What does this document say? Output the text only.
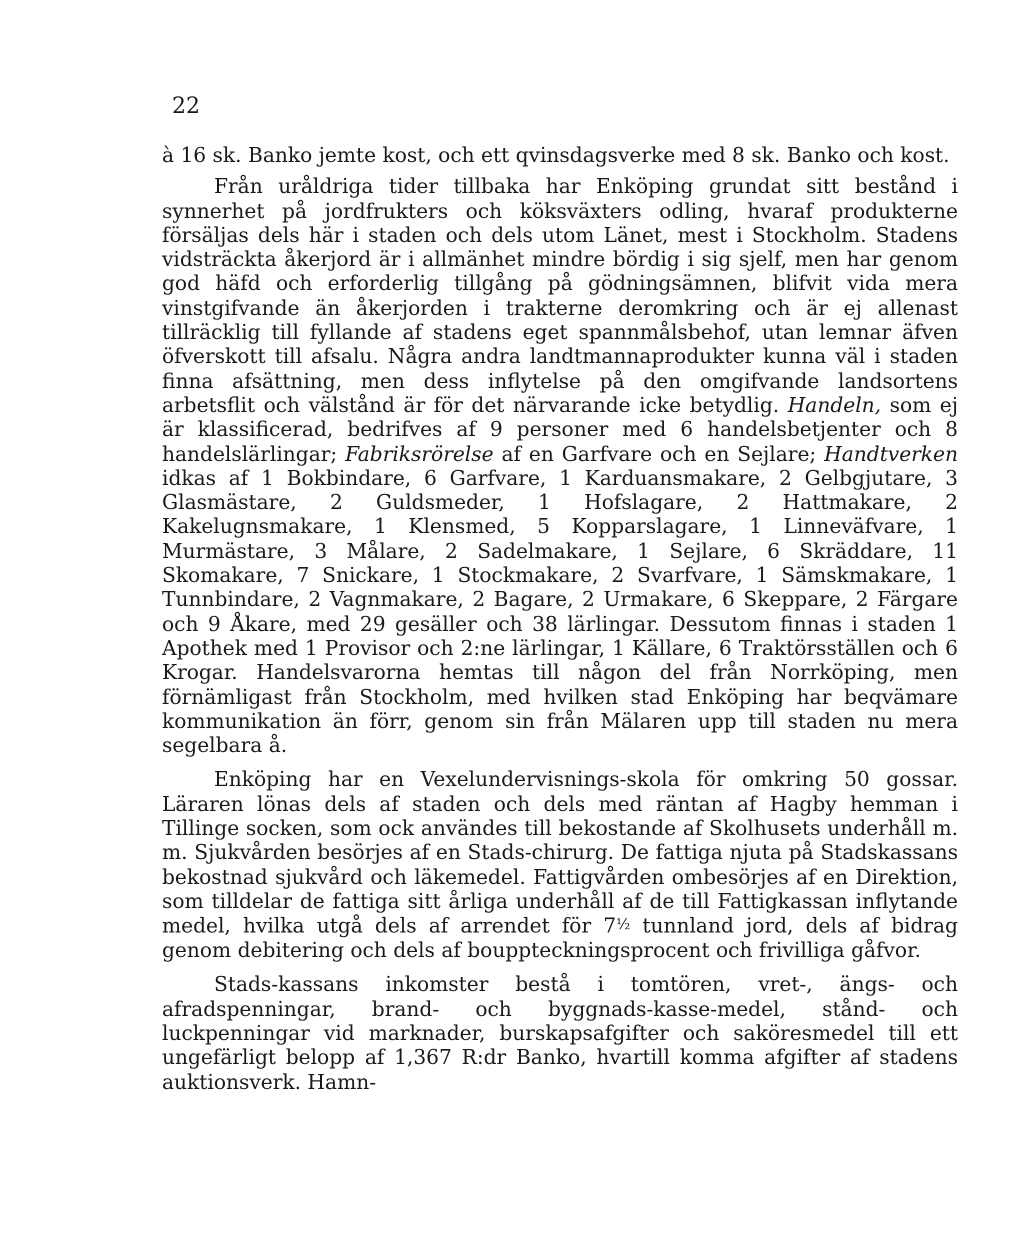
22

à 16 sk. Banko jemte kost, och ett qvinsdagsverke med 8 sk. Banko och kost.

Från uråldriga tider tillbaka har Enköping grundat sitt bestånd i synnerhet på jordfrukters och köksväxters odling, hvaraf produkterne försäljas dels här i staden och dels utom Länet, mest i Stockholm. Stadens vidsträckta åkerjord är i allmänhet mindre bördig i sig sjelf, men har genom god häfd och erforderlig tillgång på gödningsämnen, blifvit vida mera vinstgifvande än åkerjorden i trakterne deromkring och är ej allenast tillräcklig till fyllande af stadens eget spannmålsbehof, utan lemnar äfven öfverskott till afsalu. Några andra landtmannaprodukter kunna väl i staden finna afsättning, men dess inflytelse på den omgifvande landsortens arbetsflit och välstånd är för det närvarande icke betydlig. Handeln, som ej är klassificerad, bedrifves af 9 personer med 6 handelsbetjenter och 8 handelslärlingar; Fabriksrörelse af en Garfvare och en Sejlare; Handtverken idkas af 1 Bokbindare, 6 Garfvare, 1 Karduansmakare, 2 Gelbgjutare, 3 Glasmästare, 2 Guldsmeder, 1 Hofslagare, 2 Hattmakare, 2 Kakelugnsmakare, 1 Klensmed, 5 Kopparslagare, 1 Linneväfvare, 1 Murmästare, 3 Målare, 2 Sadelmakare, 1 Sejlare, 6 Skräddare, 11 Skomakare, 7 Snickare, 1 Stockmakare, 2 Svarfvare, 1 Sämskmakare, 1 Tunnbindare, 2 Vagnmakare, 2 Bagare, 2 Urmakare, 6 Skeppare, 2 Färgare och 9 Åkare, med 29 gesäller och 38 lärlingar. Dessutom finnas i staden 1 Apothek med 1 Provisor och 2:ne lärlingar, 1 Källare, 6 Traktörsställen och 6 Krogar. Handelsvarorna hemtas till någon del från Norrköping, men förnämligast från Stockholm, med hvilken stad Enköping har beqvämare kommunikation än förr, genom sin från Mälaren upp till staden nu mera segelbara å.

Enköping har en Vexelundervisnings-skola för omkring 50 gossar. Läraren lönas dels af staden och dels med räntan af Hagby hemman i Tillinge socken, som ock användes till bekostande af Skolhusets underhåll m. m. Sjukvården besörjes af en Stads-chirurg. De fattiga njuta på Stadskassans bekostnad sjukvård och läkemedel. Fattigvården ombesörjes af en Direktion, som tilldelar de fattiga sitt årliga underhåll af de till Fattigkassan inflytande medel, hvilka utgå dels af arrendet för 7½ tunnland jord, dels af bidrag genom debitering och dels af bouppteckningsprocent och frivilliga gåfvor.

Stads-kassans inkomster bestå i tomtören, vret-, ängs- och afradspenningar, brand- och byggnads-kasse-medel, stånd- och luckpenningar vid marknader, burskapsafgifter och saköresmedel till ett ungefärligt belopp af 1,367 R:dr Banko, hvartill komma afgifter af stadens auktionsverk. Hamn-
